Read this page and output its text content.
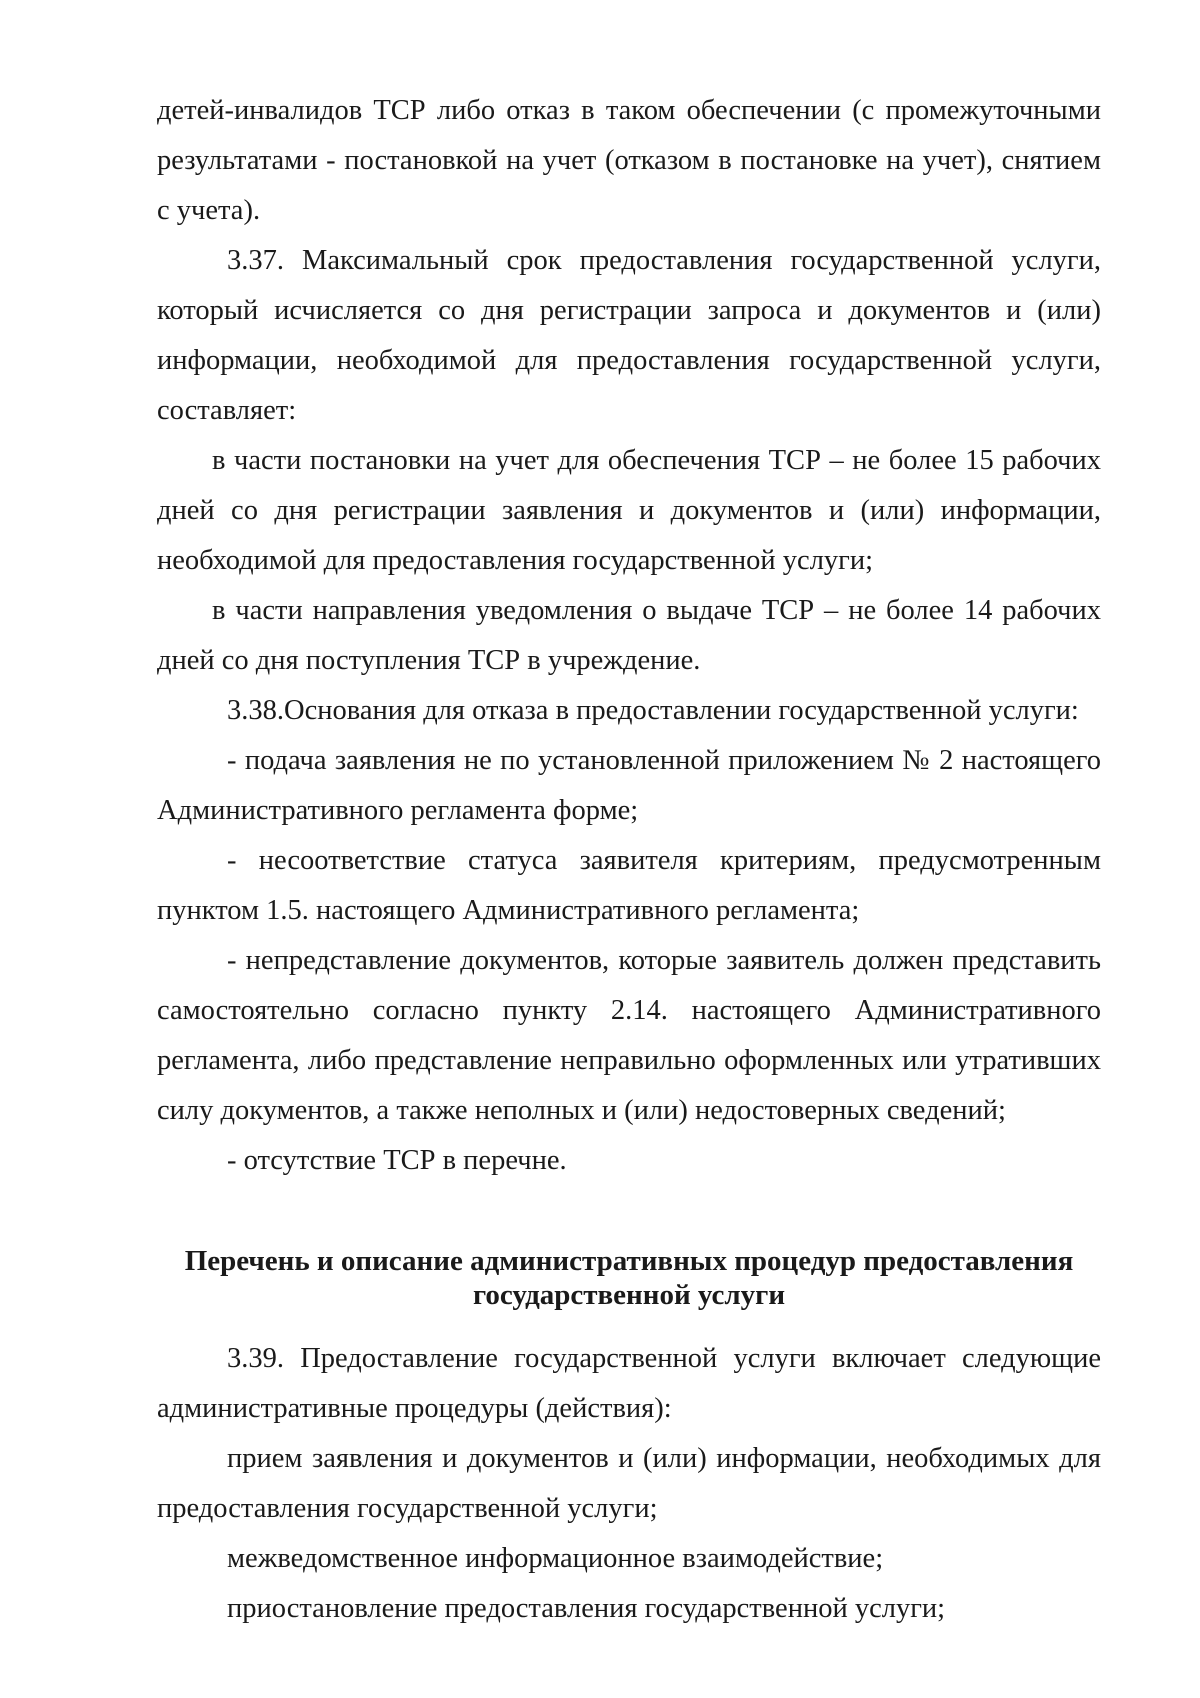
детей-инвалидов ТСР либо отказ в таком обеспечении (с промежуточными результатами - постановкой на учет (отказом в постановке на учет), снятием с учета).

3.37. Максимальный срок предоставления государственной услуги, который исчисляется со дня регистрации запроса и документов и (или) информации, необходимой для предоставления государственной услуги, составляет:

в части постановки на учет для обеспечения ТСР – не более 15 рабочих дней со дня регистрации заявления и документов и (или) информации, необходимой для предоставления государственной услуги;

в части направления уведомления о выдаче ТСР – не более 14 рабочих дней со дня поступления ТСР в учреждение.

3.38.Основания для отказа в предоставлении государственной услуги:

- подача заявления не по установленной приложением № 2 настоящего Административного регламента форме;

- несоответствие статуса заявителя критериям, предусмотренным пунктом 1.5. настоящего Административного регламента;

- непредставление документов, которые заявитель должен представить самостоятельно согласно пункту 2.14. настоящего Административного регламента, либо представление неправильно оформленных или утративших силу документов, а также неполных и (или) недостоверных сведений;

- отсутствие ТСР в перечне.

Перечень и описание административных процедур предоставления
государственной услуги

3.39. Предоставление государственной услуги включает следующие административные процедуры (действия):

прием заявления и документов и (или) информации, необходимых для предоставления государственной услуги;

межведомственное информационное взаимодействие;

приостановление предоставления государственной услуги;
